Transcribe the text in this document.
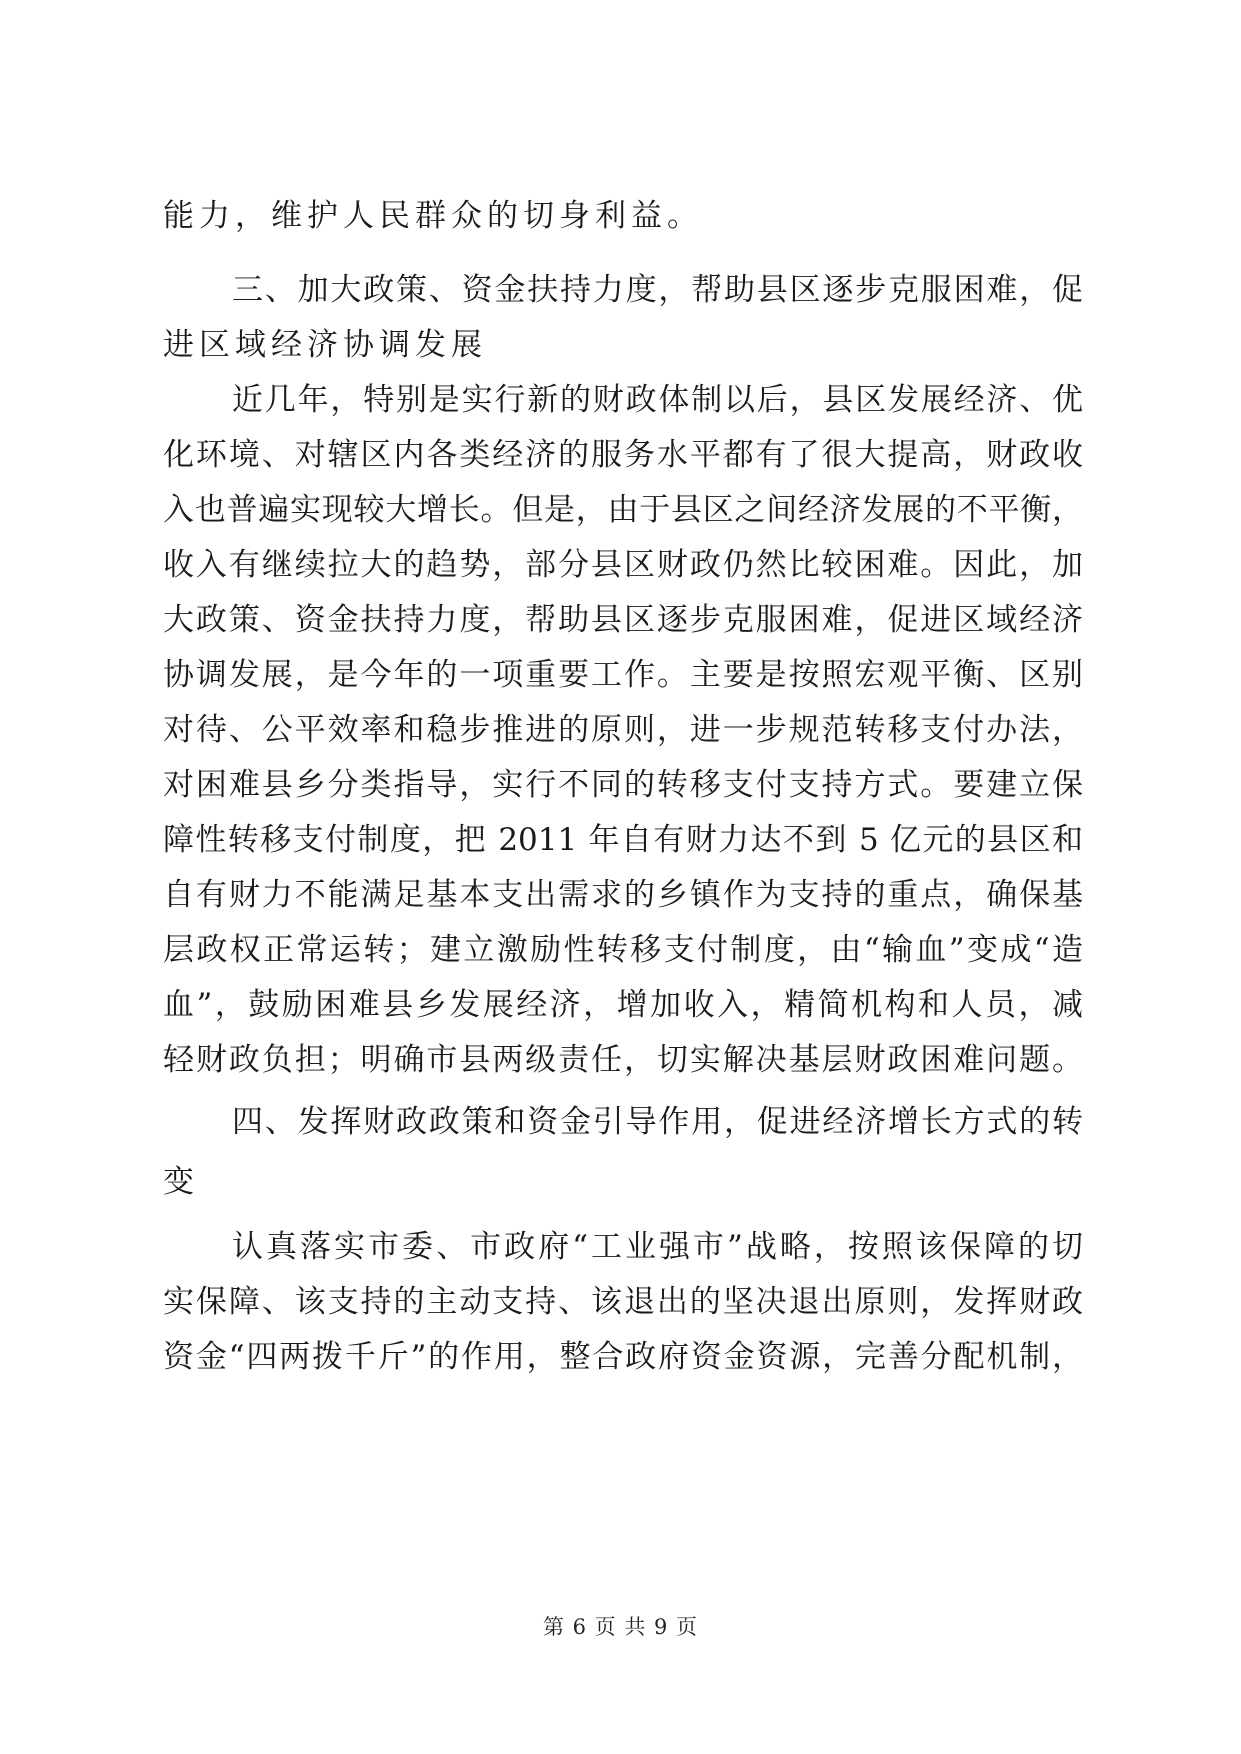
能力，维护人民群众的切身利益。
三、加大政策、资金扶持力度，帮助县区逐步克服困难，促
进区域经济协调发展
近几年，特别是实行新的财政体制以后，县区发展经济、优
化环境、对辖区内各类经济的服务水平都有了很大提高，财政收
入也普遍实现较大增长。但是，由于县区之间经济发展的不平衡，
收入有继续拉大的趋势，部分县区财政仍然比较困难。因此，加
大政策、资金扶持力度，帮助县区逐步克服困难，促进区域经济
协调发展，是今年的一项重要工作。主要是按照宏观平衡、区别
对待、公平效率和稳步推进的原则，进一步规范转移支付办法，
对困难县乡分类指导，实行不同的转移支付支持方式。要建立保
障性转移支付制度，把 2011 年自有财力达不到 5 亿元的县区和
自有财力不能满足基本支出需求的乡镇作为支持的重点，确保基
层政权正常运转；建立激励性转移支付制度，由“输血”变成“造
血”，鼓励困难县乡发展经济，增加收入，精简机构和人员，减
轻财政负担；明确市县两级责任，切实解决基层财政困难问题。
四、发挥财政政策和资金引导作用，促进经济增长方式的转
变
认真落实市委、市政府“工业强市”战略，按照该保障的切
实保障、该支持的主动支持、该退出的坚决退出原则，发挥财政
资金“四两拨千斤”的作用，整合政府资金资源，完善分配机制，
第 6 页 共 9 页
